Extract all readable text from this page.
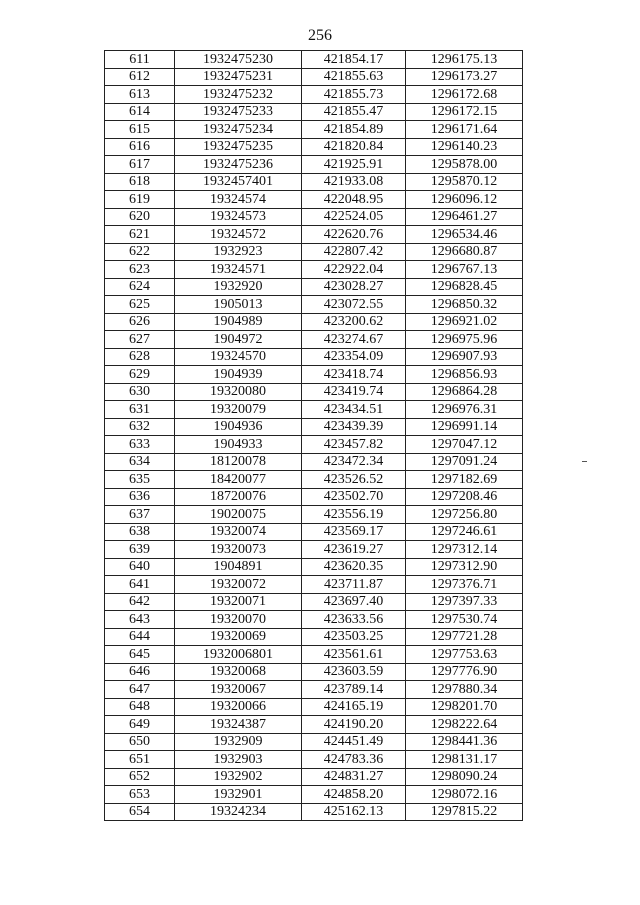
256
611	1932475230	421854.17	1296175.13
612	1932475231	421855.63	1296173.27
613	1932475232	421855.73	1296172.68
614	1932475233	421855.47	1296172.15
615	1932475234	421854.89	1296171.64
616	1932475235	421820.84	1296140.23
617	1932475236	421925.91	1295878.00
618	1932457401	421933.08	1295870.12
619	19324574	422048.95	1296096.12
620	19324573	422524.05	1296461.27
621	19324572	422620.76	1296534.46
622	1932923	422807.42	1296680.87
623	19324571	422922.04	1296767.13
624	1932920	423028.27	1296828.45
625	1905013	423072.55	1296850.32
626	1904989	423200.62	1296921.02
627	1904972	423274.67	1296975.96
628	19324570	423354.09	1296907.93
629	1904939	423418.74	1296856.93
630	19320080	423419.74	1296864.28
631	19320079	423434.51	1296976.31
632	1904936	423439.39	1296991.14
633	1904933	423457.82	1297047.12
634	18120078	423472.34	1297091.24
635	18420077	423526.52	1297182.69
636	18720076	423502.70	1297208.46
637	19020075	423556.19	1297256.80
638	19320074	423569.17	1297246.61
639	19320073	423619.27	1297312.14
640	1904891	423620.35	1297312.90
641	19320072	423711.87	1297376.71
642	19320071	423697.40	1297397.33
643	19320070	423633.56	1297530.74
644	19320069	423503.25	1297721.28
645	1932006801	423561.61	1297753.63
646	19320068	423603.59	1297776.90
647	19320067	423789.14	1297880.34
648	19320066	424165.19	1298201.70
649	19324387	424190.20	1298222.64
650	1932909	424451.49	1298441.36
651	1932903	424783.36	1298131.17
652	1932902	424831.27	1298090.24
653	1932901	424858.20	1298072.16
654	19324234	425162.13	1297815.22
